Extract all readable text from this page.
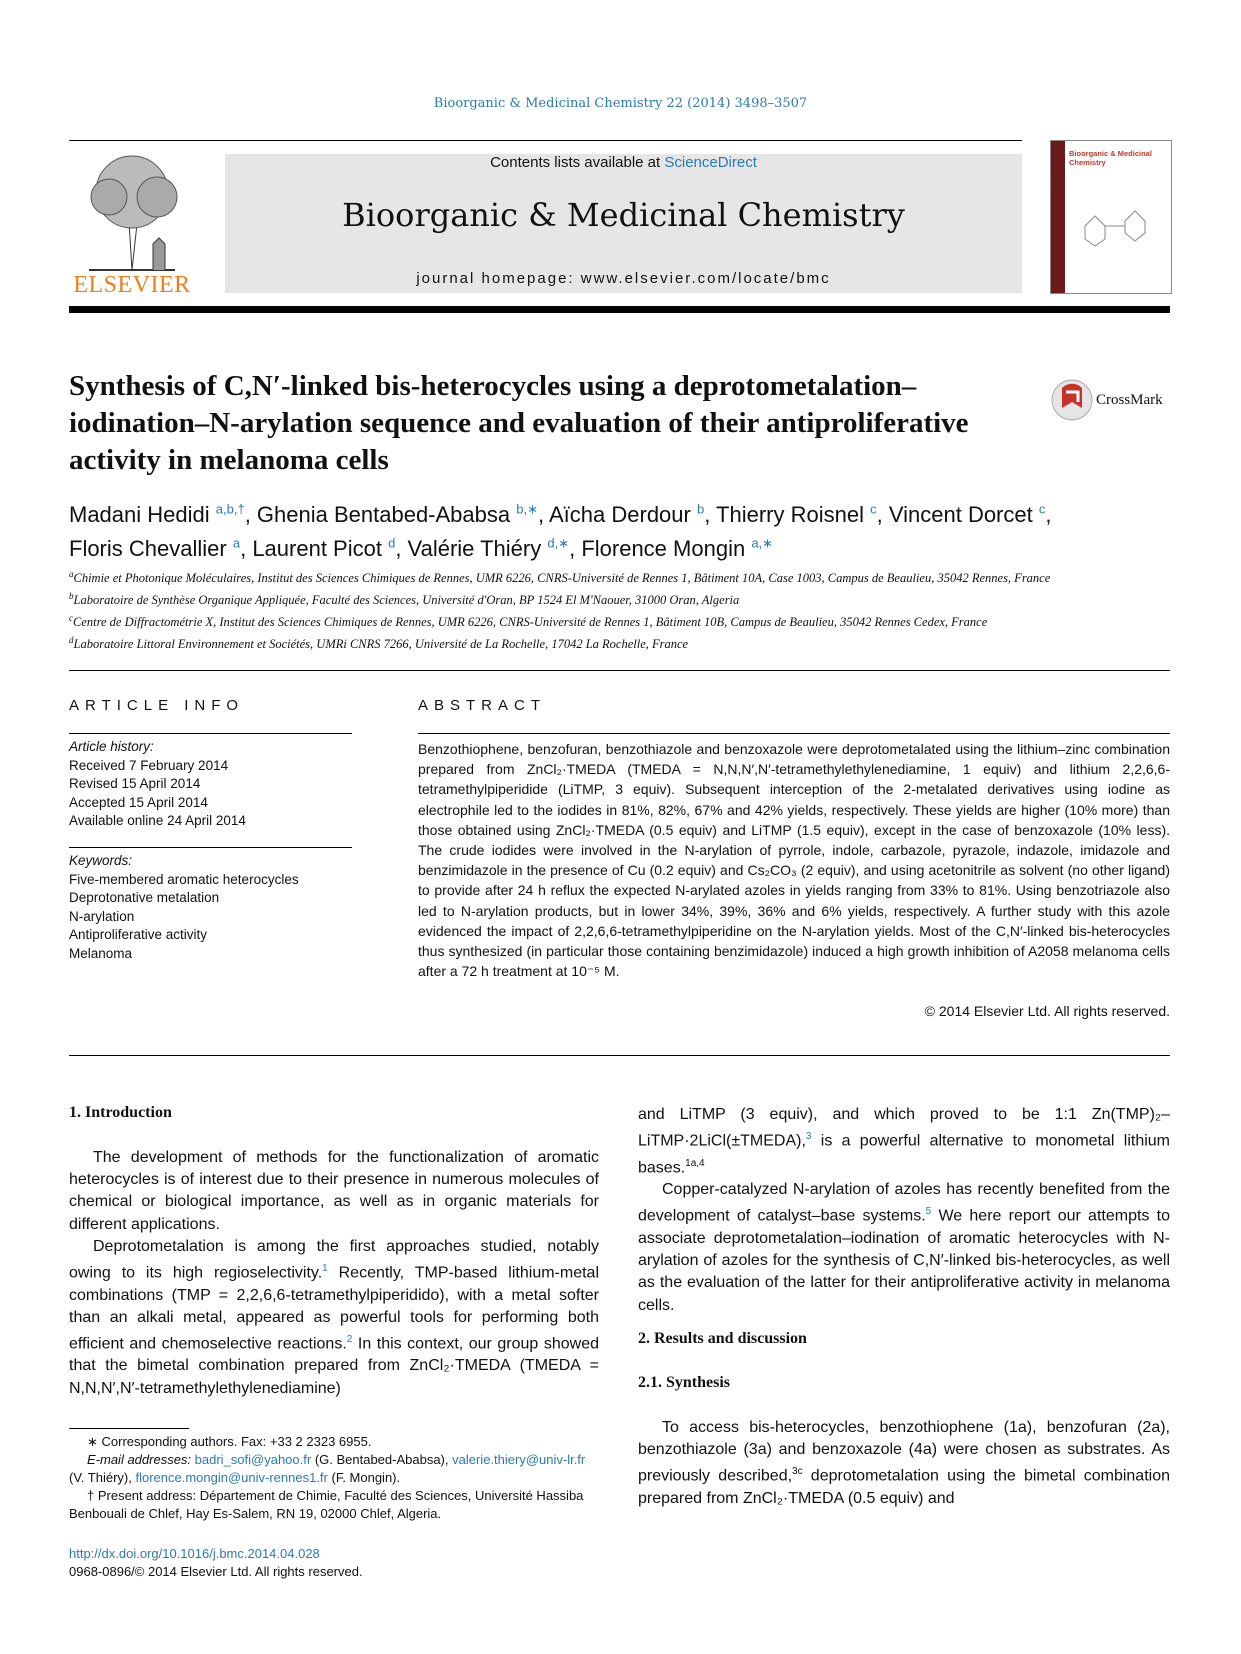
Bioorganic & Medicinal Chemistry 22 (2014) 3498–3507
ELSEVIER
Contents lists available at ScienceDirect
Bioorganic & Medicinal Chemistry
journal homepage: www.elsevier.com/locate/bmc
Bioorganic & Medicinal Chemistry
Synthesis of C,N′-linked bis-heterocycles using a deprotometalation–iodination–N-arylation sequence and evaluation of their antiproliferative activity in melanoma cells
CrossMark
Madani Hedidi $^{a,b,\dagger}$, Ghenia Bentabed-Ababsa $^{b,∗}$, Aïcha Derdour $^b$, Thierry Roisnel $^c$, Vincent Dorcet $^c$,
Floris Chevallier $^a$, Laurent Picot $^d$, Valérie Thiéry $^{d,∗}$, Florence Mongin $^{a,∗}$
$^a$Chimie et Photonique Moléculaires, Institut des Sciences Chimiques de Rennes, UMR 6226, CNRS-Université de Rennes 1, Bâtiment 10A, Case 1003, Campus de Beaulieu, 35042 Rennes, France
$^b$Laboratoire de Synthèse Organique Appliquée, Faculté des Sciences, Université d'Oran, BP 1524 El M'Naouer, 31000 Oran, Algeria
$^c$Centre de Diffractométrie X, Institut des Sciences Chimiques de Rennes, UMR 6226, CNRS-Université de Rennes 1, Bâtiment 10B, Campus de Beaulieu, 35042 Rennes Cedex, France
$^d$Laboratoire Littoral Environnement et Sociétés, UMRi CNRS 7266, Université de La Rochelle, 17042 La Rochelle, France
ARTICLE INFO	ABSTRACT
Article history:
Received 7 February 2014
Revised 15 April 2014
Accepted 15 April 2014
Available online 24 April 2014
Keywords:
Five-membered aromatic heterocycles
Deprotonative metalation
N-arylation
Antiproliferative activity
Melanoma
Benzothiophene, benzofuran, benzothiazole and benzoxazole were deprotometalated using the lithium–zinc combination prepared from ZnCl₂·TMEDA (TMEDA = N,N,N′,N′-tetramethylethylenediamine, 1 equiv) and lithium 2,2,6,6-tetramethylpiperidide (LiTMP, 3 equiv). Subsequent interception of the 2-metalated derivatives using iodine as electrophile led to the iodides in 81%, 82%, 67% and 42% yields, respectively. These yields are higher (10% more) than those obtained using ZnCl₂·TMEDA (0.5 equiv) and LiTMP (1.5 equiv), except in the case of benzoxazole (10% less). The crude iodides were involved in the N-arylation of pyrrole, indole, carbazole, pyrazole, indazole, imidazole and benzimidazole in the presence of Cu (0.2 equiv) and Cs₂CO₃ (2 equiv), and using acetonitrile as solvent (no other ligand) to provide after 24 h reflux the expected N-arylated azoles in yields ranging from 33% to 81%. Using benzotriazole also led to N-arylation products, but in lower 34%, 39%, 36% and 6% yields, respectively. A further study with this azole evidenced the impact of 2,2,6,6-tetramethylpiperidine on the N-arylation yields. Most of the C,N′-linked bis-heterocycles thus synthesized (in particular those containing benzimidazole) induced a high growth inhibition of A2058 melanoma cells after a 72 h treatment at 10⁻⁵ M.
© 2014 Elsevier Ltd. All rights reserved.
1. Introduction

The development of methods for the functionalization of aromatic heterocycles is of interest due to their presence in numerous molecules of chemical or biological importance, as well as in organic materials for different applications.

Deprotometalation is among the first approaches studied, notably owing to its high regioselectivity.$^1$ Recently, TMP-based lithium-metal combinations (TMP = 2,2,6,6-tetramethylpiperidido), with a metal softer than an alkali metal, appeared as powerful tools for performing both efficient and chemoselective reactions.$^2$ In this context, our group showed that the bimetal combination prepared from ZnCl₂·TMEDA (TMEDA = N,N,N′,N′-tetramethylethylenediamine)

and LiTMP (3 equiv), and which proved to be 1:1 Zn(TMP)₂–LiTMP·2LiCl(±TMEDA),$^3$ is a powerful alternative to monometal lithium bases.$^{1a,4}$

Copper-catalyzed N-arylation of azoles has recently benefited from the development of catalyst–base systems.$^5$ We here report our attempts to associate deprotometalation–iodination of aromatic heterocycles with N-arylation of azoles for the synthesis of C,N′-linked bis-heterocycles, as well as the evaluation of the latter for their antiproliferative activity in melanoma cells.

2. Results and discussion
2.1. Synthesis

To access bis-heterocycles, benzothiophene (1a), benzofuran (2a), benzothiazole (3a) and benzoxazole (4a) were chosen as substrates. As previously described,$^{3c}$ deprotometalation using the bimetal combination prepared from ZnCl₂·TMEDA (0.5 equiv) and

∗ Corresponding authors. Fax: +33 2 2323 6955.

E-mail addresses: badri_sofi@yahoo.fr (G. Bentabed-Ababsa), valerie.thiery@univ-lr.fr (V. Thiéry), florence.mongin@univ-rennes1.fr (F. Mongin).

† Present address: Département de Chimie, Faculté des Sciences, Université Hassiba Benbouali de Chlef, Hay Es-Salem, RN 19, 02000 Chlef, Algeria.

http://dx.doi.org/10.1016/j.bmc.2014.04.028
0968-0896/© 2014 Elsevier Ltd. All rights reserved.
